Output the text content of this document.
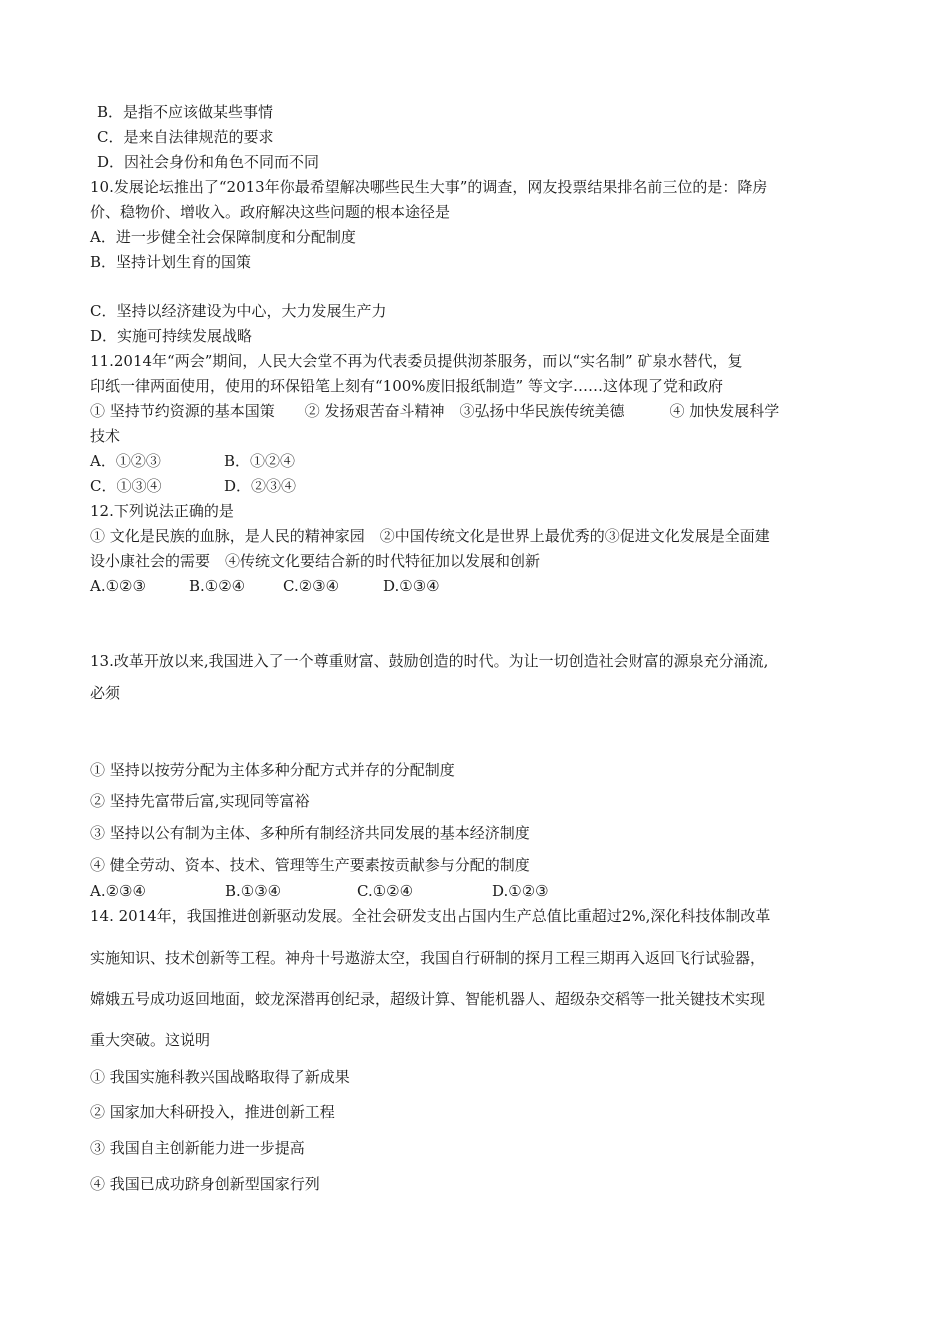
B．是指不应该做某些事情
C．是来自法律规范的要求
D．因社会身份和角色不同而不同
10.发展论坛推出了“2013年你最希望解决哪些民生大事”的调查，网友投票结果排名前三位的是：降房
价、稳物价、增收入。政府解决这些问题的根本途径是
A．进一步健全社会保障制度和分配制度
B．坚持计划生育的国策
C．坚持以经济建设为中心，大力发展生产力
D．实施可持续发展战略
11.2014年“两会”期间，人民大会堂不再为代表委员提供沏茶服务，而以“实名制” 矿泉水替代，复
印纸一律两面使用，使用的环保铅笔上刻有“100%废旧报纸制造” 等文字……这体现了党和政府
① 坚持节约资源的基本国策　　② 发扬艰苦奋斗精神　③弘扬中华民族传统美德　　　④ 加快发展科学
技术
A．①②③	B．①②④
C．①③④	D．②③④
12.下列说法正确的是
① 文化是民族的血脉，是人民的精神家园　②中国传统文化是世界上最优秀的③促进文化发展是全面建
设小康社会的需要　④传统文化要结合新的时代特征加以发展和创新
A.①②③	B.①②④	C.②③④	D.①③④
13.改革开放以来,我国进入了一个尊重财富、鼓励创造的时代。为让一切创造社会财富的源泉充分涌流,
必须
① 坚持以按劳分配为主体多种分配方式并存的分配制度
② 坚持先富带后富,实现同等富裕
③ 坚持以公有制为主体、多种所有制经济共同发展的基本经济制度
④ 健全劳动、资本、技术、管理等生产要素按贡献参与分配的制度
A.②③④	B.①③④	C.①②④	D.①②③
14. 2014年，我国推进创新驱动发展。全社会研发支出占国内生产总值比重超过2%,深化科技体制改革
实施知识、技术创新等工程。神舟十号遨游太空，我国自行研制的探月工程三期再入返回飞行试验器，
嫦娥五号成功返回地面，蛟龙深潜再创纪录，超级计算、智能机器人、超级杂交稻等一批关键技术实现
重大突破。这说明
① 我国实施科教兴国战略取得了新成果
② 国家加大科研投入，推进创新工程
③ 我国自主创新能力进一步提高
④ 我国已成功跻身创新型国家行列
